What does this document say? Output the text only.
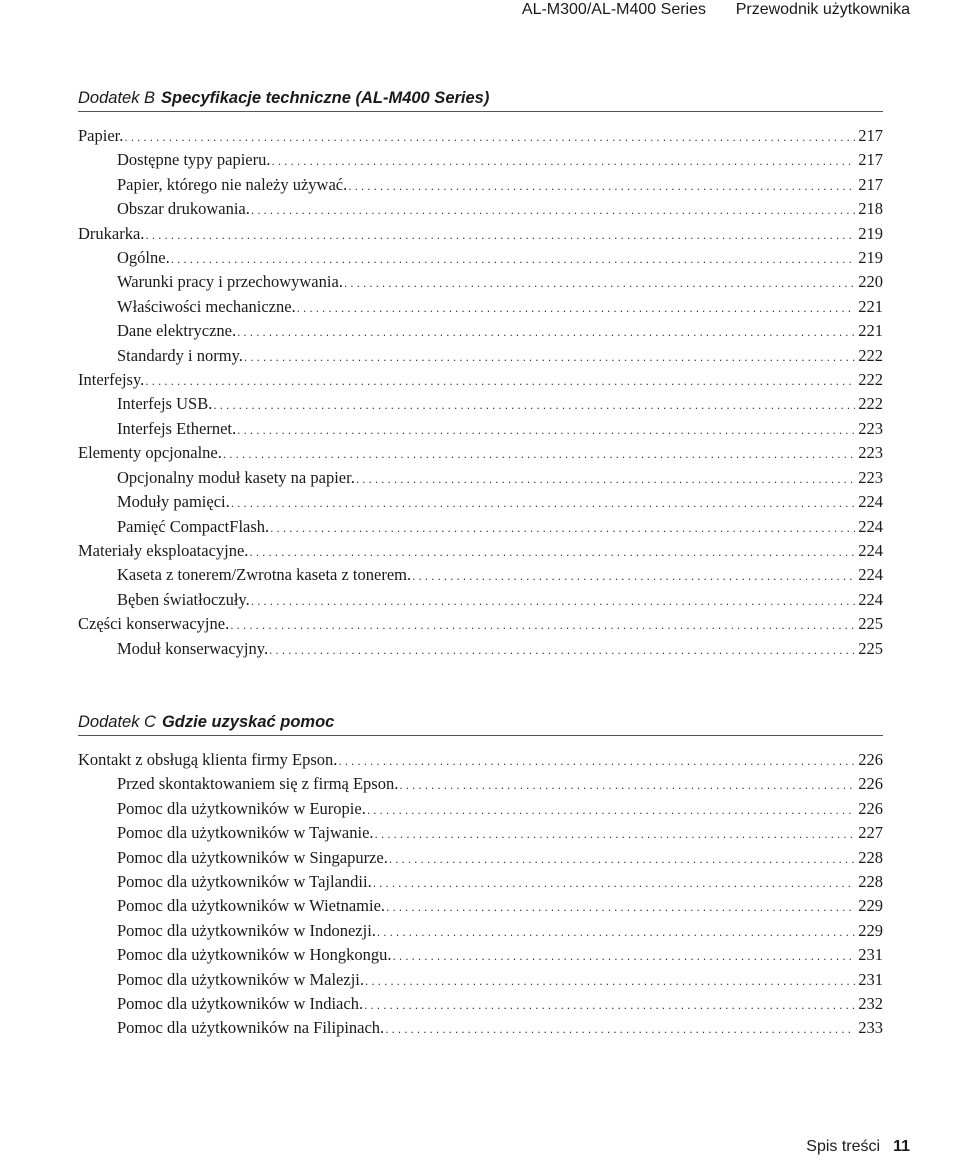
AL-M300/AL-M400 Series Przewodnik użytkownika
Dodatek B Specyfikacje techniczne (AL-M400 Series)
Papier. .....	217
Dostępne typy papieru. .....	217
Papier, którego nie należy używać. .....	217
Obszar drukowania. .....	218
Drukarka. .....	219
Ogólne. .....	219
Warunki pracy i przechowywania. .....	220
Właściwości mechaniczne. .....	221
Dane elektryczne. .....	221
Standardy i normy. .....	222
Interfejsy. .....	222
Interfejs USB. .....	222
Interfejs Ethernet. .....	223
Elementy opcjonalne. .....	223
Opcjonalny moduł kasety na papier. .....	223
Moduły pamięci. .....	224
Pamięć CompactFlash. .....	224
Materiały eksploatacyjne. .....	224
Kaseta z tonerem/Zwrotna kaseta z tonerem. .....	224
Bęben światłoczuły. .....	224
Części konserwacyjne. .....	225
Moduł konserwacyjny. .....	225
Dodatek C Gdzie uzyskać pomoc
Kontakt z obsługą klienta firmy Epson. .....	226
Przed skontaktowaniem się z firmą Epson. .....	226
Pomoc dla użytkowników w Europie. .....	226
Pomoc dla użytkowników w Tajwanie. .....	227
Pomoc dla użytkowników w Singapurze. .....	228
Pomoc dla użytkowników w Tajlandii. .....	228
Pomoc dla użytkowników w Wietnamie. .....	229
Pomoc dla użytkowników w Indonezji. .....	229
Pomoc dla użytkowników w Hongkongu. .....	231
Pomoc dla użytkowników w Malezji. .....	231
Pomoc dla użytkowników w Indiach. .....	232
Pomoc dla użytkowników na Filipinach. .....	233
Spis treści 11
